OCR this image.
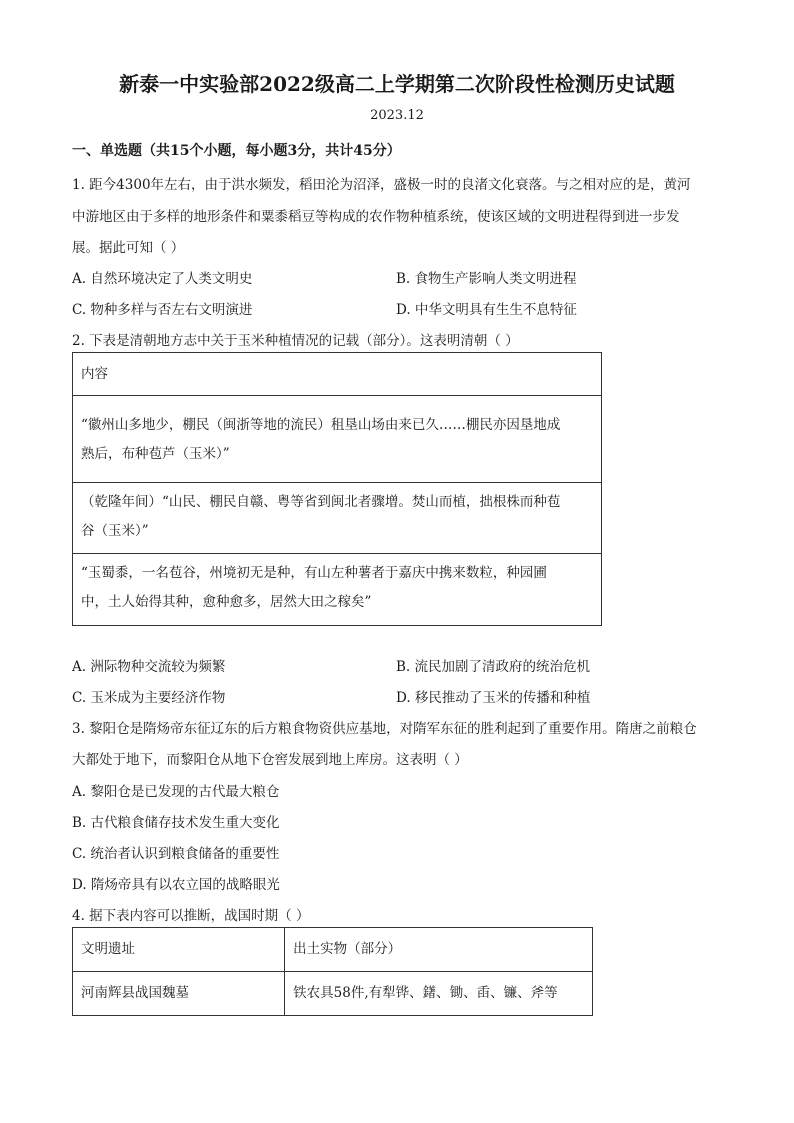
新泰一中实验部2022级高二上学期第二次阶段性检测历史试题
2023.12
一、单选题（共15个小题，每小题3分，共计45分）
1. 距今4300年左右，由于洪水频发，稻田沦为沼泽，盛极一时的良渚文化衰落。与之相对应的是，黄河
中游地区由于多样的地形条件和粟黍稻豆等构成的农作物种植系统，使该区域的文明进程得到进一步发
展。据此可知（ ）
A. 自然环境决定了人类文明史	B. 食物生产影响人类文明进程
C. 物种多样与否左右文明演进	D. 中华文明具有生生不息特征
2. 下表是清朝地方志中关于玉米种植情况的记载（部分）。这表明清朝（ ）
内容

“徽州山多地少，棚民（闽浙等地的流民）租垦山场由来已久……棚民亦因垦地成
熟后，布种苞芦（玉米）”

（乾隆年间）“山民、棚民自赣、粤等省到闽北者骤增。焚山而植，拙根株而种苞
谷（玉米）”

“玉蜀黍，一名苞谷，州境初无是种，有山左种薯者于嘉庆中携来数粒，种园圃
中，土人始得其种，愈种愈多，居然大田之稼矣”
A. 洲际物种交流较为频繁	B. 流民加剧了清政府的统治危机
C. 玉米成为主要经济作物	D. 移民推动了玉米的传播和种植
3. 黎阳仓是隋炀帝东征辽东的后方粮食物资供应基地，对隋军东征的胜利起到了重要作用。隋唐之前粮仓
大都处于地下，而黎阳仓从地下仓窖发展到地上库房。这表明（ ）
A. 黎阳仓是已发现的古代最大粮仓
B. 古代粮食储存技术发生重大变化
C. 统治者认识到粮食储备的重要性
D. 隋炀帝具有以农立国的战略眼光
4. 据下表内容可以推断，战国时期（ ）
文明遗址	出土实物（部分）
河南辉县战国魏墓	铁农具58件,有犁铧、鐯、锄、臿、镰、斧等
